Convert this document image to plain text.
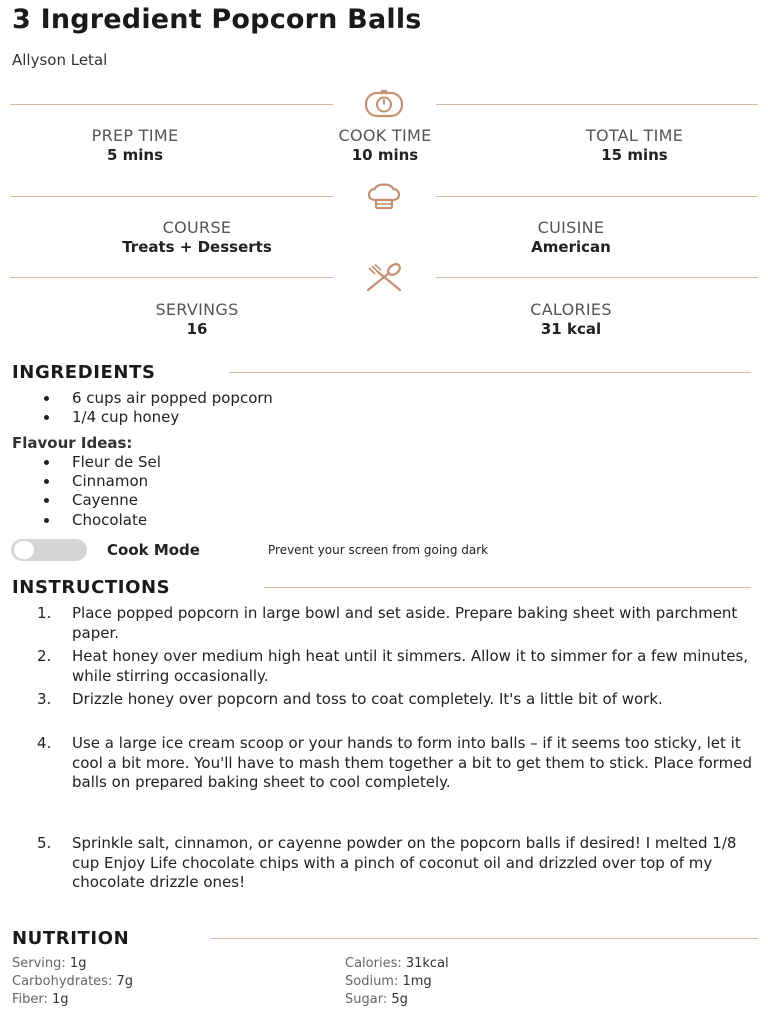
3 Ingredient Popcorn Balls
Allyson Letal
PREP TIME
5 mins
COOK TIME
10 mins
TOTAL TIME
15 mins
COURSE
Treats + Desserts
CUISINE
American
SERVINGS
16
CALORIES
31 kcal
INGREDIENTS
6 cups air popped popcorn
1/4 cup honey
Flavour Ideas:
Fleur de Sel
Cinnamon
Cayenne
Chocolate
Cook Mode	Prevent your screen from going dark
INSTRUCTIONS
1. Place popped popcorn in large bowl and set aside. Prepare baking sheet with parchment paper.
2. Heat honey over medium high heat until it simmers. Allow it to simmer for a few minutes, while stirring occasionally.
3. Drizzle honey over popcorn and toss to coat completely. It's a little bit of work.
4. Use a large ice cream scoop or your hands to form into balls – if it seems too sticky, let it cool a bit more. You'll have to mash them together a bit to get them to stick. Place formed balls on prepared baking sheet to cool completely.
5. Sprinkle salt, cinnamon, or cayenne powder on the popcorn balls if desired! I melted 1/8 cup Enjoy Life chocolate chips with a pinch of coconut oil and drizzled over top of my chocolate drizzle ones!
NUTRITION
Serving: 1g	Calories: 31kcal
Carbohydrates: 7g	Sodium: 1mg
Fiber: 1g	Sugar: 5g
